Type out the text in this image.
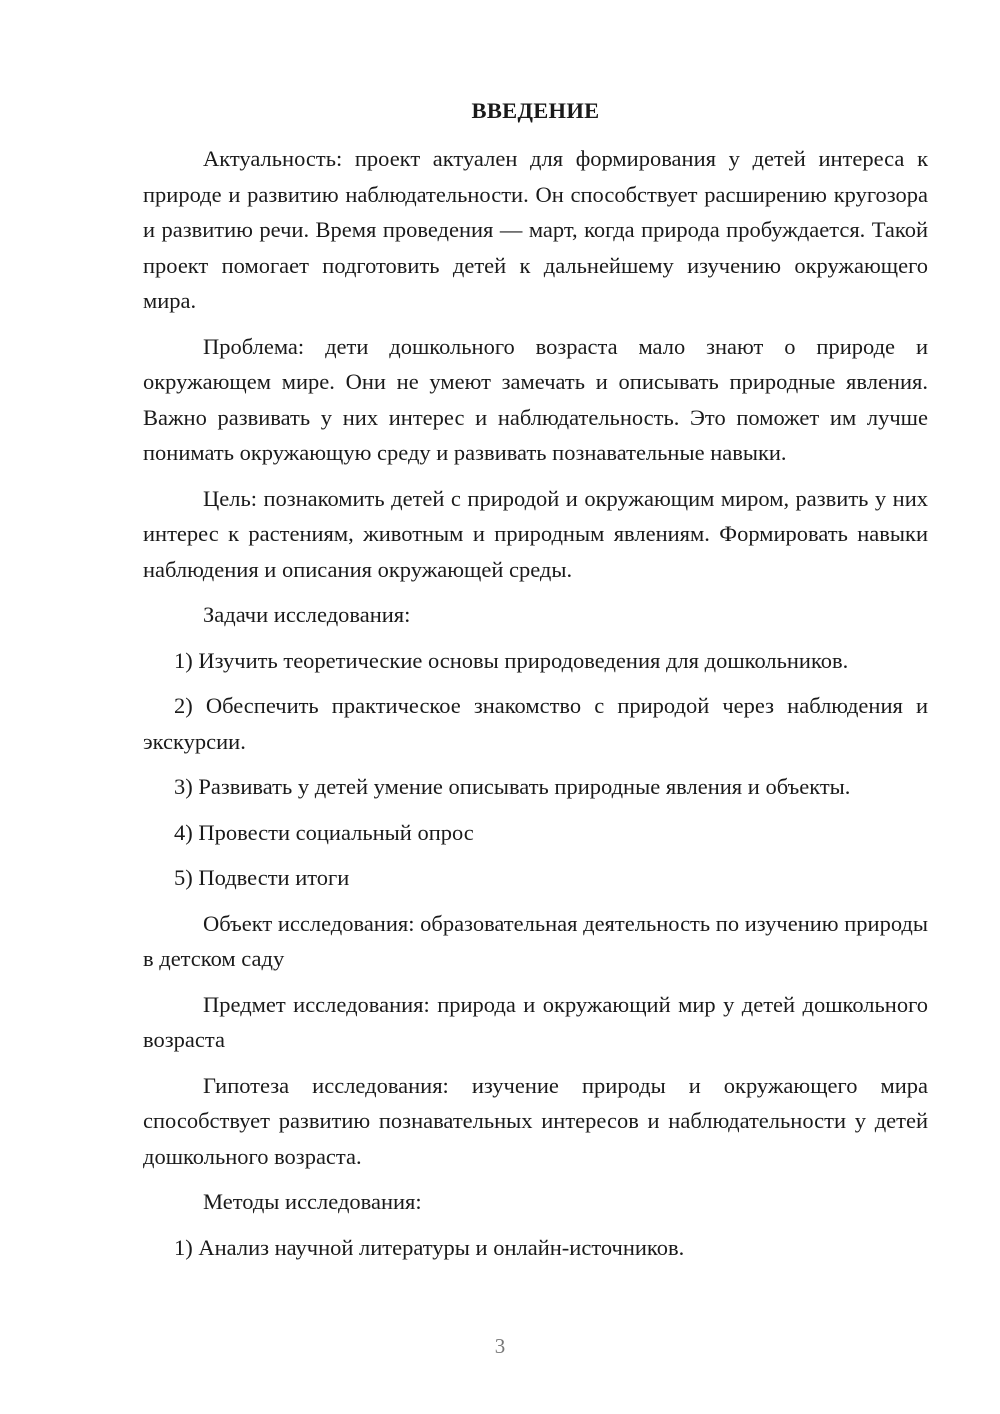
ВВЕДЕНИЕ

Актуальность: проект актуален для формирования у детей интереса к природе и развитию наблюдательности. Он способствует расширению кругозора и развитию речи. Время проведения — март, когда природа пробуждается. Такой проект помогает подготовить детей к дальнейшему изучению окружающего мира.

Проблема: дети дошкольного возраста мало знают о природе и окружающем мире. Они не умеют замечать и описывать природные явления. Важно развивать у них интерес и наблюдательность. Это поможет им лучше понимать окружающую среду и развивать познавательные навыки.

Цель: познакомить детей с природой и окружающим миром, развить у них интерес к растениям, животным и природным явлениям. Формировать навыки наблюдения и описания окружающей среды.

Задачи исследования:

1) Изучить теоретические основы природоведения для дошкольников.

2) Обеспечить практическое знакомство с природой через наблюдения и экскурсии.

3) Развивать у детей умение описывать природные явления и объекты.

4) Провести социальный опрос

5) Подвести итоги

Объект исследования: образовательная деятельность по изучению природы в детском саду

Предмет исследования: природа и окружающий мир у детей дошкольного возраста

Гипотеза исследования: изучение природы и окружающего мира способствует развитию познавательных интересов и наблюдательности у детей дошкольного возраста.

Методы исследования:

1) Анализ научной литературы и онлайн-источников.

3
